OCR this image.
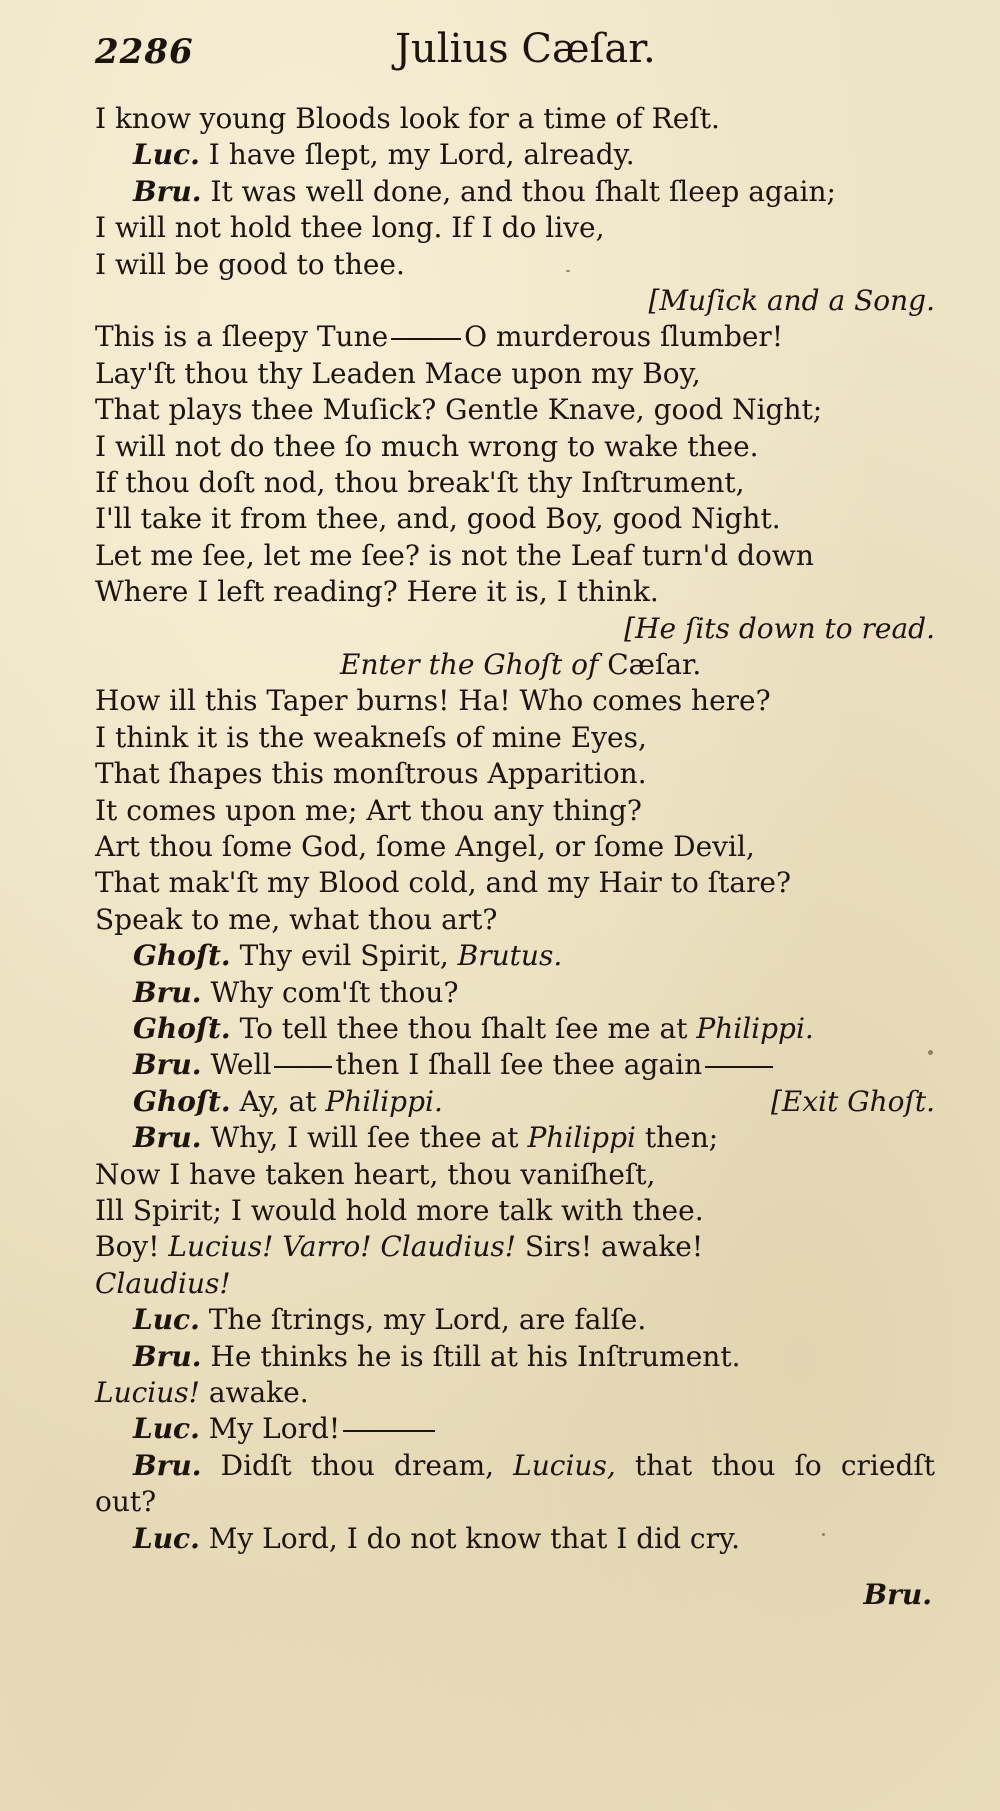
2286	Julius Cæſar.
I know young Bloods look for a time of Reſt.
Luc. I have ſlept, my Lord, already.
Bru. It was well done, and thou ſhalt ſleep again;
I will not hold thee long. If I do live,
I will be good to thee.
[Muſick and a Song.
This is a ſleepy Tune	O murderous ſlumber!
Lay'ſt thou thy Leaden Mace upon my Boy,
That plays thee Muſick? Gentle Knave, good Night;
I will not do thee ſo much wrong to wake thee.
If thou doſt nod, thou break'ſt thy Inſtrument,
I'll take it from thee, and, good Boy, good Night.
Let me ſee, let me ſee? is not the Leaf turn'd down
Where I left reading? Here it is, I think.
[He ſits down to read.
Enter the Ghoſt of Cæſar.
How ill this Taper burns! Ha! Who comes here?
I think it is the weakneſs of mine Eyes,
That ſhapes this monſtrous Apparition.
It comes upon me; Art thou any thing?
Art thou ſome God, ſome Angel, or ſome Devil,
That mak'ſt my Blood cold, and my Hair to ſtare?
Speak to me, what thou art?
Ghoſt. Thy evil Spirit, Brutus.
Bru. Why com'ſt thou?
Ghoſt. To tell thee thou ſhalt ſee me at Philippi.
Bru. Well then I ſhall ſee thee again
Ghoſt. Ay, at Philippi.	[Exit Ghoſt.
Bru. Why, I will ſee thee at Philippi then;
Now I have taken heart, thou vaniſheſt,
Ill Spirit; I would hold more talk with thee.
Boy! Lucius! Varro! Claudius! Sirs! awake!
Claudius!
Luc. The ſtrings, my Lord, are falſe.
Bru. He thinks he is ſtill at his Inſtrument.
Lucius! awake.
Luc. My Lord!
Bru. Didſt thou dream, Lucius, that thou ſo criedſt
out?
Luc. My Lord, I do not know that I did cry.
Bru.
